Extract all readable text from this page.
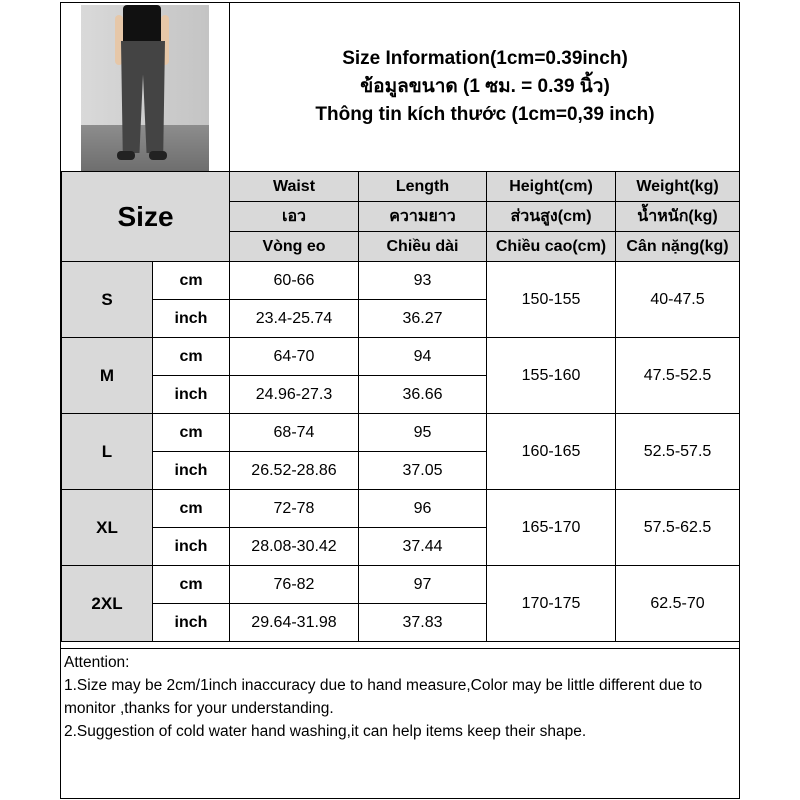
Size Information(1cm=0.39inch)
ข้อมูลขนาด (1 ซม. = 0.39 นิ้ว)
Thông tin kích thước (1cm=0,39 inch)
Size		Waist	Length	Height(cm)	Weight(kg)
		เอว	ความยาว	ส่วนสูง(cm)	น้ำหนัก(kg)
		Vòng eo	Chiều dài	Chiều cao(cm)	Cân nặng(kg)
S	cm	60-66	93	150-155	40-47.5
	inch	23.4-25.74	36.27		
M	cm	64-70	94	155-160	47.5-52.5
	inch	24.96-27.3	36.66		
L	cm	68-74	95	160-165	52.5-57.5
	inch	26.52-28.86	37.05		
XL	cm	72-78	96	165-170	57.5-62.5
	inch	28.08-30.42	37.44		
2XL	cm	76-82	97	170-175	62.5-70
	inch	29.64-31.98	37.83		

Attention:

1.Size may be 2cm/1inch inaccuracy due to hand measure,Color may be little different due to monitor ,thanks for your understanding.

2.Suggestion of cold water hand washing,it can help items keep their shape.
